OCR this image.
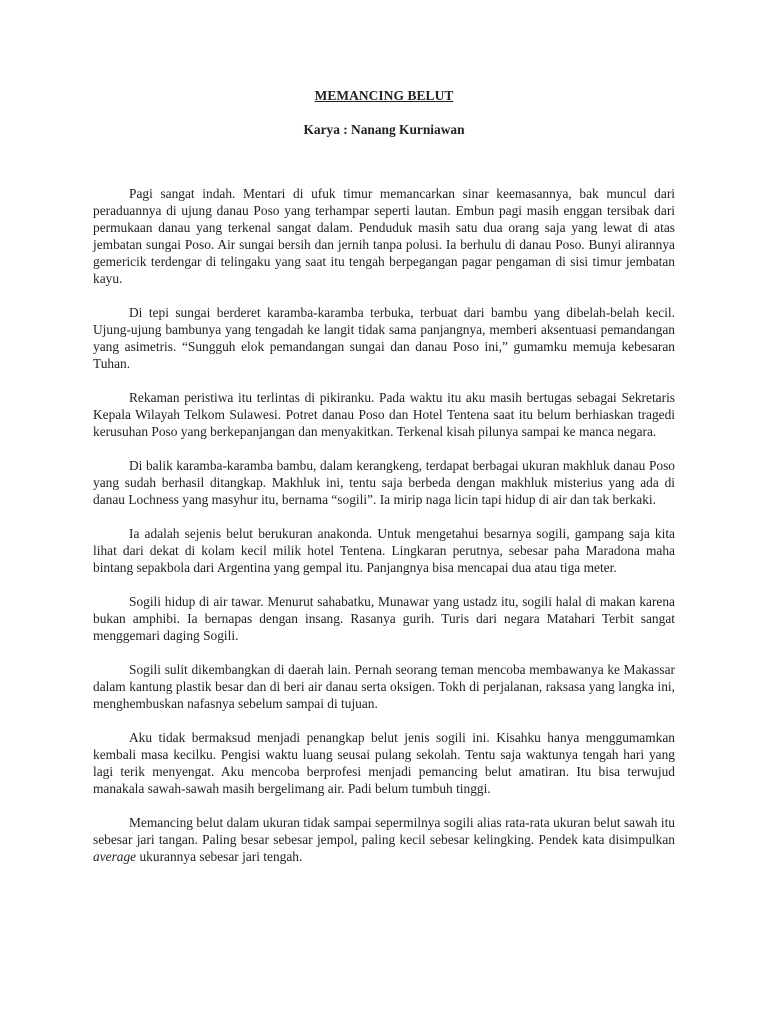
MEMANCING BELUT

Karya : Nanang Kurniawan

Pagi sangat indah. Mentari di ufuk timur memancarkan sinar keemasannya, bak muncul dari peraduannya di ujung danau Poso yang terhampar seperti lautan. Embun pagi masih enggan tersibak dari permukaan danau yang terkenal sangat dalam. Penduduk masih satu dua orang saja yang lewat di atas jembatan sungai Poso. Air sungai bersih dan jernih tanpa polusi. Ia berhulu di danau Poso. Bunyi alirannya gemericik terdengar di telingaku yang saat itu tengah berpegangan pagar pengaman di sisi timur jembatan kayu.

Di tepi sungai berderet karamba-karamba terbuka, terbuat dari bambu yang dibelah-belah kecil. Ujung-ujung bambunya yang tengadah ke langit tidak sama panjangnya, memberi aksentuasi pemandangan yang asimetris. “Sungguh elok pemandangan sungai dan danau Poso ini,” gumamku memuja kebesaran Tuhan.

Rekaman peristiwa itu terlintas di pikiranku. Pada waktu itu aku masih bertugas sebagai Sekretaris Kepala Wilayah Telkom Sulawesi. Potret danau Poso dan Hotel Tentena saat itu belum berhiaskan tragedi kerusuhan Poso yang berkepanjangan dan menyakitkan. Terkenal kisah pilunya sampai ke manca negara.

Di balik karamba-karamba bambu, dalam kerangkeng, terdapat berbagai ukuran makhluk danau Poso yang sudah berhasil ditangkap. Makhluk ini, tentu saja berbeda dengan makhluk misterius yang ada di danau Lochness yang masyhur itu, bernama “sogili”. Ia mirip naga licin tapi hidup di air dan tak berkaki.

Ia adalah sejenis belut berukuran anakonda. Untuk mengetahui besarnya sogili, gampang saja kita lihat dari dekat di kolam kecil milik hotel Tentena. Lingkaran perutnya, sebesar paha Maradona maha bintang sepakbola dari Argentina yang gempal itu. Panjangnya bisa mencapai dua atau tiga meter.

Sogili hidup di air tawar. Menurut sahabatku, Munawar yang ustadz itu, sogili halal di makan karena bukan amphibi. Ia bernapas dengan insang. Rasanya gurih. Turis dari negara Matahari Terbit sangat menggemari daging Sogili.

Sogili sulit dikembangkan di daerah lain. Pernah seorang teman mencoba membawanya ke Makassar dalam kantung plastik besar dan di beri air danau serta oksigen. Tokh di perjalanan, raksasa yang langka ini, menghembuskan nafasnya sebelum sampai di tujuan.

Aku tidak bermaksud menjadi penangkap belut jenis sogili ini. Kisahku hanya menggumamkan kembali masa kecilku. Pengisi waktu luang seusai pulang sekolah. Tentu saja waktunya tengah hari yang lagi terik menyengat. Aku mencoba berprofesi menjadi pemancing belut amatiran. Itu bisa terwujud manakala sawah-sawah masih bergelimang air. Padi belum tumbuh tinggi.

Memancing belut dalam ukuran tidak sampai sepermilnya sogili alias rata-rata ukuran belut sawah itu sebesar jari tangan. Paling besar sebesar jempol, paling kecil sebesar kelingking. Pendek kata disimpulkan average ukurannya sebesar jari tengah.
